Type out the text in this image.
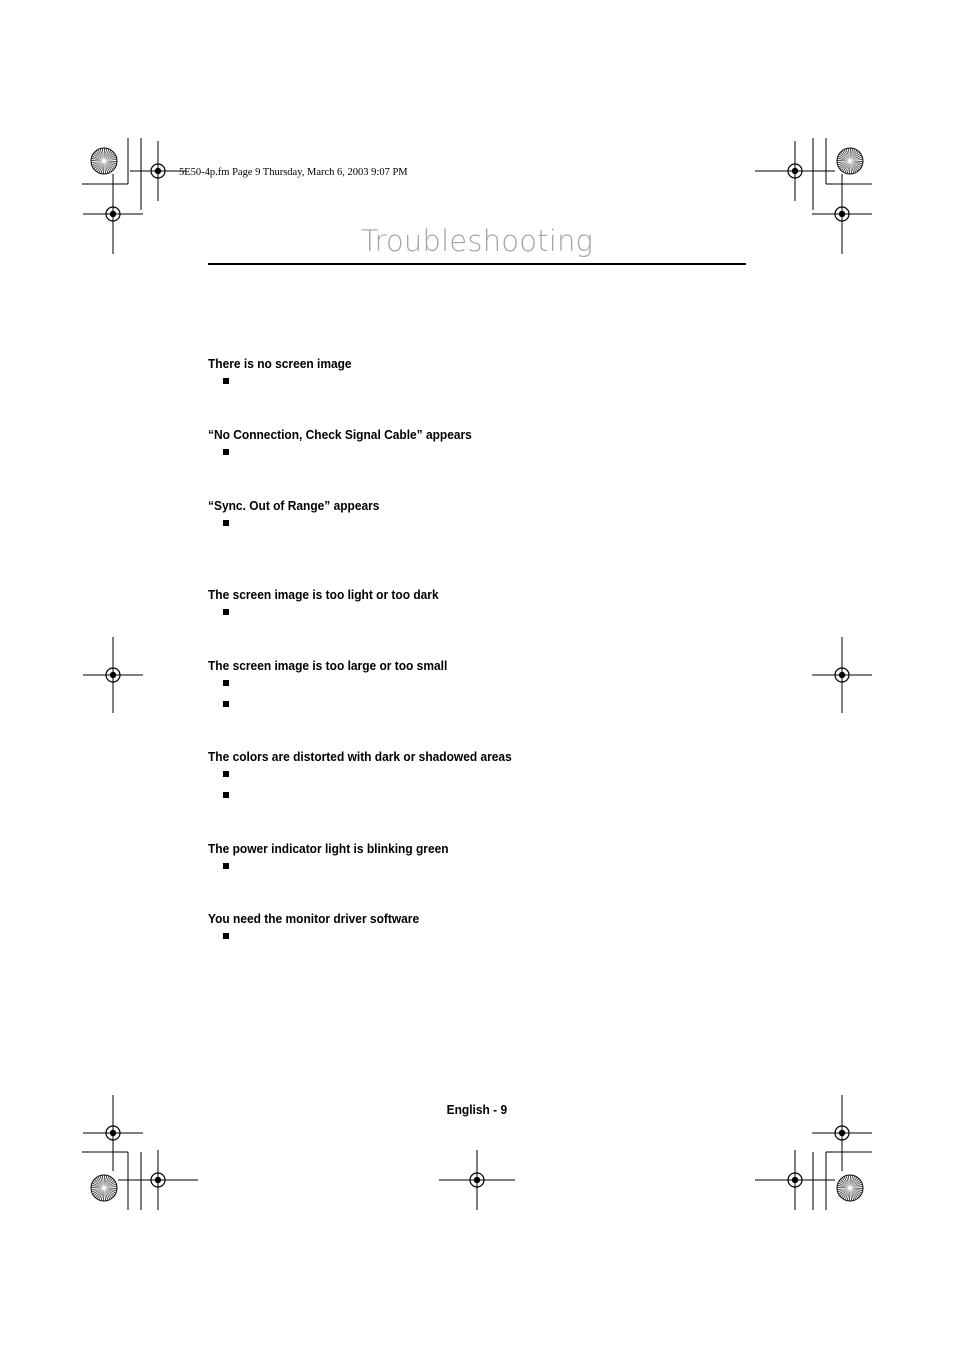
5E50-4p.fm Page 9 Thursday, March 6, 2003 9:07 PM
Troubleshooting
There is no screen image
“No Connection, Check Signal Cable” appears
“Sync. Out of Range” appears
The screen image is too light or too dark
The screen image is too large or too small
The colors are distorted with dark or shadowed areas
The power indicator light is blinking green
You need the monitor driver software
English - 9
